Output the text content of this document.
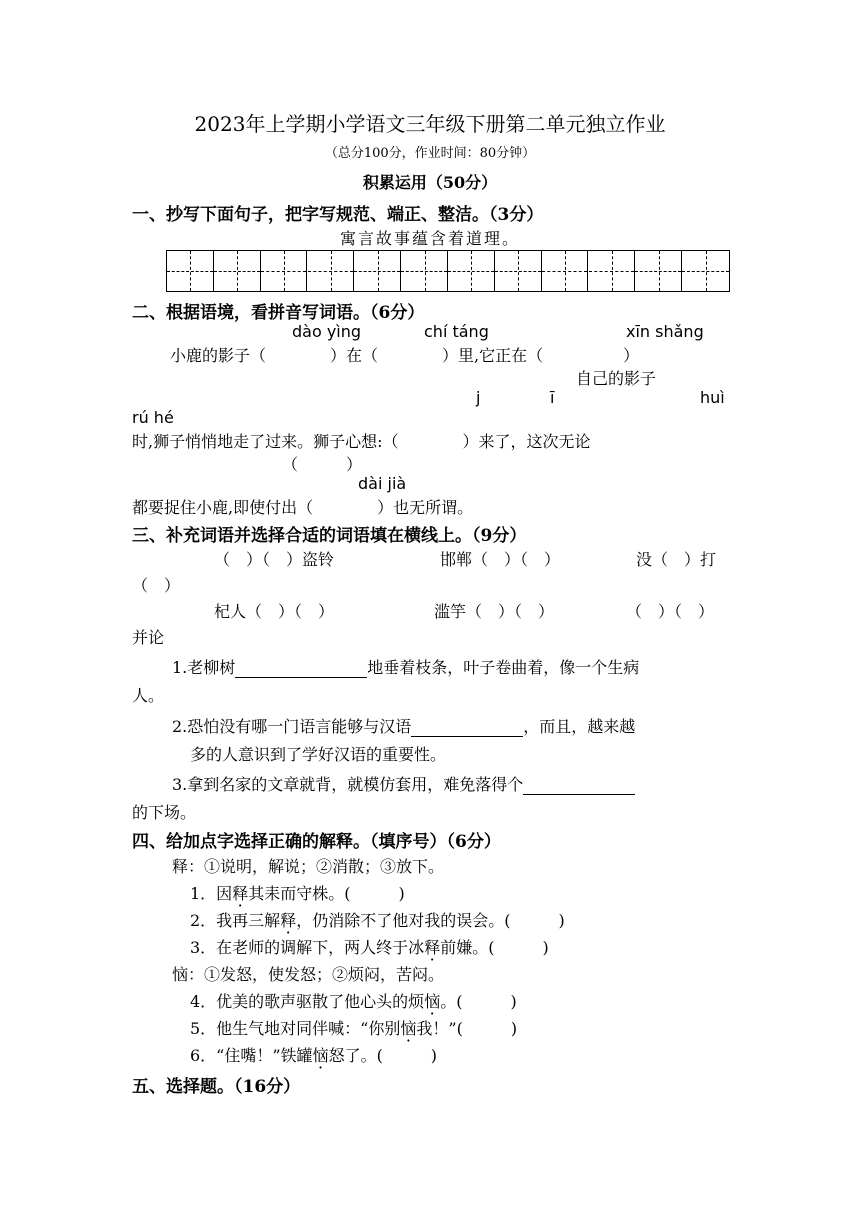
2023年上学期小学语文三年级下册第二单元独立作业
（总分100分，作业时间：80分钟）
积累运用（50分）
一、抄写下面句子，把字写规范、端正、整洁。（3分）
寓言故事蕴含着道理。
二、根据语境，看拼音写词语。（6分）
dào yìng	chí táng	xīn shǎng
小鹿的影子（　　　　）在（　　　　）里,它正在（　　　　　）
自己的影子
j	ī	huì
rú hé
时,狮子悄悄地走了过来。狮子心想:（　　　　）来了，这次无论
（　　　）
dài jià
都要捉住小鹿,即使付出（　　　　）也无所谓。
三、补充词语并选择合适的词语填在横线上。（9分）
（　）（　）盗铃	邯郸（　）（　）	没（　）打
（　）
杞人（　）（　）	滥竽（　）（　）	（　）（　）
并论
1.老柳树	地垂着枝条，叶子卷曲着，像一个生病
人。
2.恐怕没有哪一门语言能够与汉语	，而且，越来越
多的人意识到了学好汉语的重要性。
3.拿到名家的文章就背，就模仿套用，难免落得个
的下场。
四、给加点字选择正确的解释。（填序号）（6分）
释：①说明，解说；②消散；③放下。
1．因释其耒而守株。(　　　)
2．我再三解释，仍消除不了他对我的误会。(　　　)
3．在老师的调解下，两人终于冰释前嫌。(　　　)
恼：①发怒，使发怒；②烦闷，苦闷。
4．优美的歌声驱散了他心头的烦恼。(　　　)
5．他生气地对同伴喊：“你别恼我！”(　　　)
6．“住嘴！”铁罐恼怒了。(　　　)
五、选择题。（16分）
